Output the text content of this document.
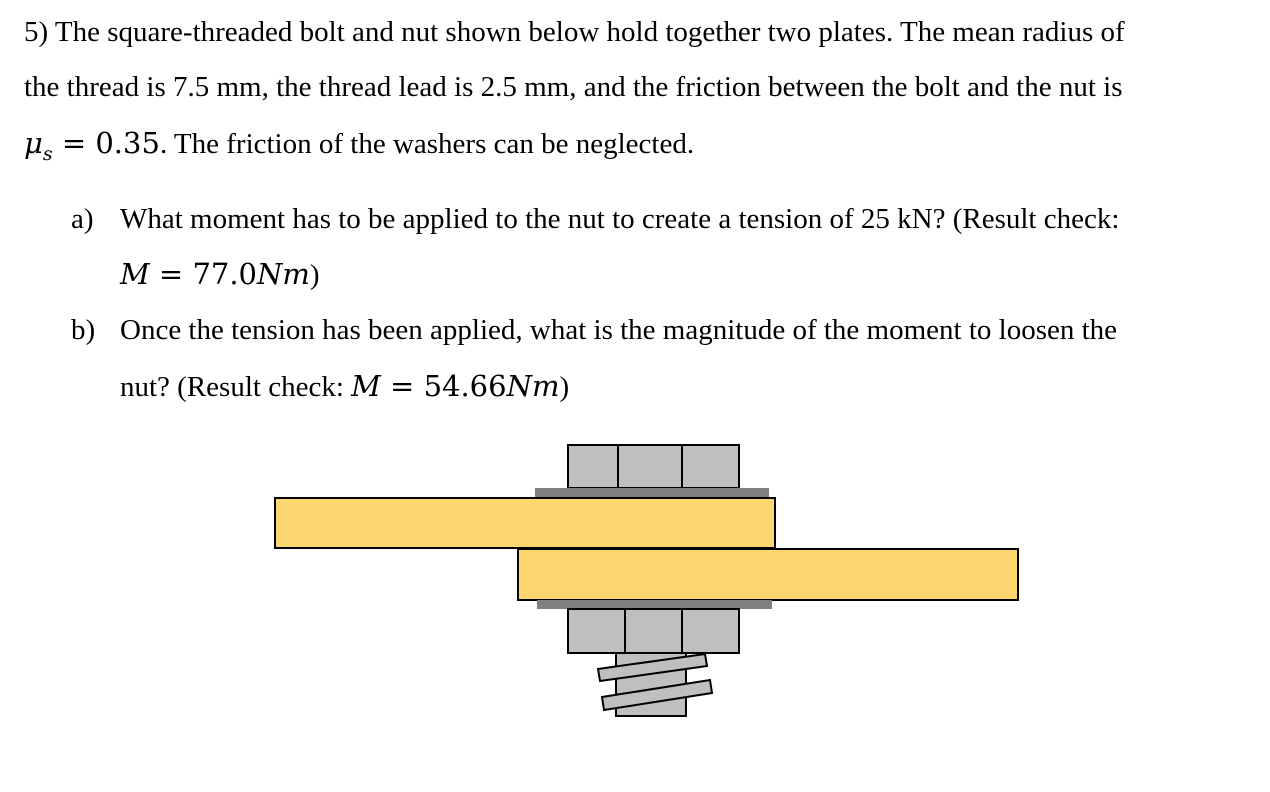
5) The square-threaded bolt and nut shown below hold together two plates. The mean radius of
the thread is 7.5 mm, the thread lead is 2.5 mm, and the friction between the bolt and the nut is
$\mu_s = 0.35$. The friction of the washers can be neglected.
a) What moment has to be applied to the nut to create a tension of 25 kN? (Result check:
M = 77.0Nm)
b) Once the tension has been applied, what is the magnitude of the moment to loosen the
nut? (Result check: M = 54.66Nm)
